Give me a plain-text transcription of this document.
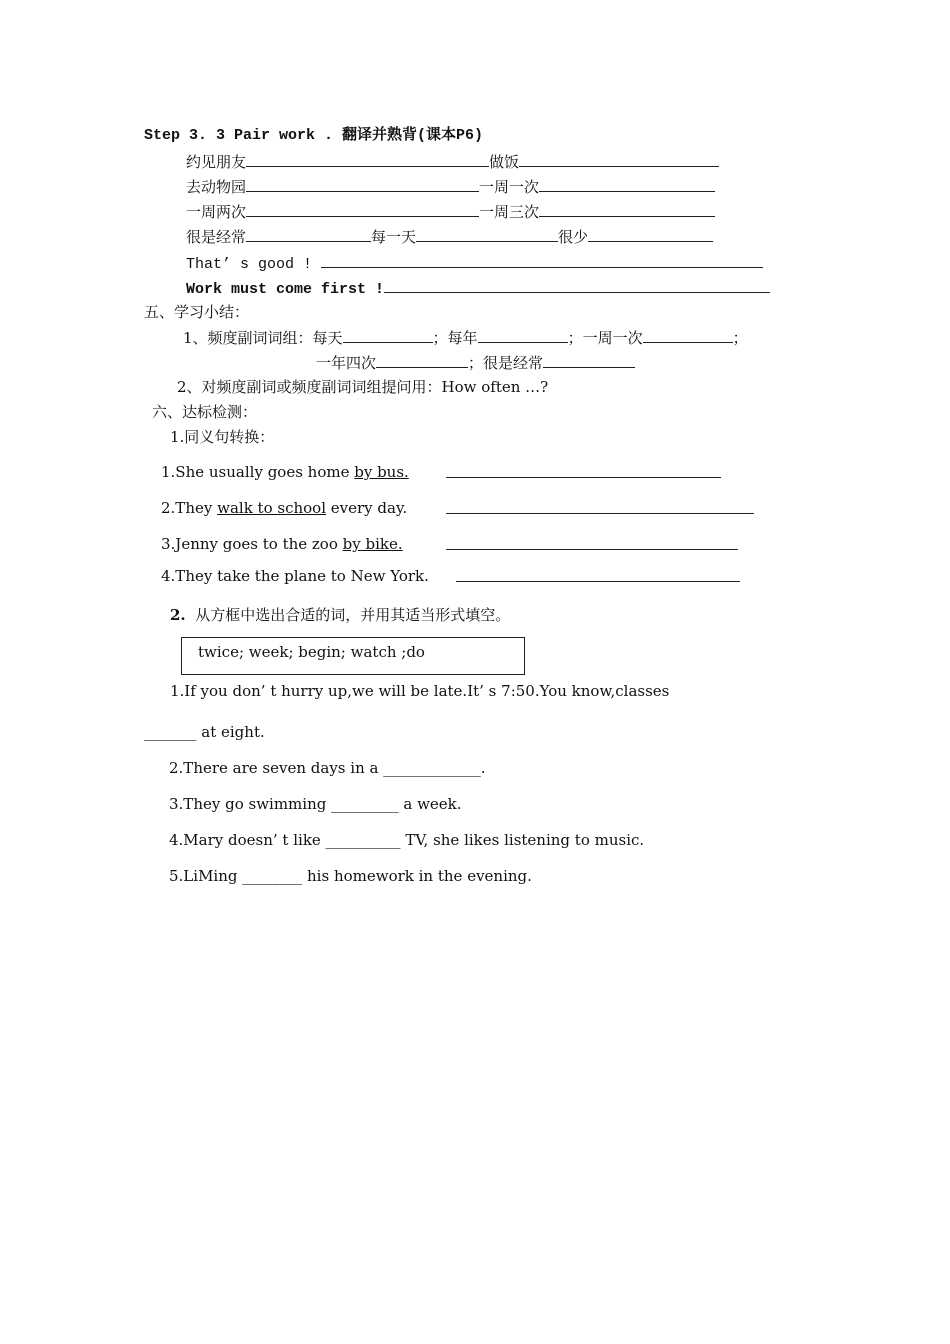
Step 3. 3 Pair work . 翻译并熟背(课本P6)
约见朋友	做饭
去动物园	一周一次
一周两次	一周三次
很是经常	每一天	很少
That’ s good !
Work must come first !
五、学习小结：
1、频度副词词组：每天	；每年	；一周一次	；
一年四次	；很是经常
2、对频度副词或频度副词词组提问用：How often …?
六、达标检测：
1.同义句转换：
1.She usually goes home by bus.
2.They walk to school every day.
3.Jenny goes to the zoo by bike.
4.They take the plane to New York.
2. 从方框中选出合适的词，并用其适当形式填空。
twice; week; begin; watch ;do
1.If you don’ t hurry up,we will be late.It’ s 7:50.You know,classes
_______ at eight.
2.There are seven days in a _____________.
3.They go swimming _________ a week.
4.Mary doesn’ t like __________ TV, she likes listening to music.
5.LiMing ________ his homework in the evening.
